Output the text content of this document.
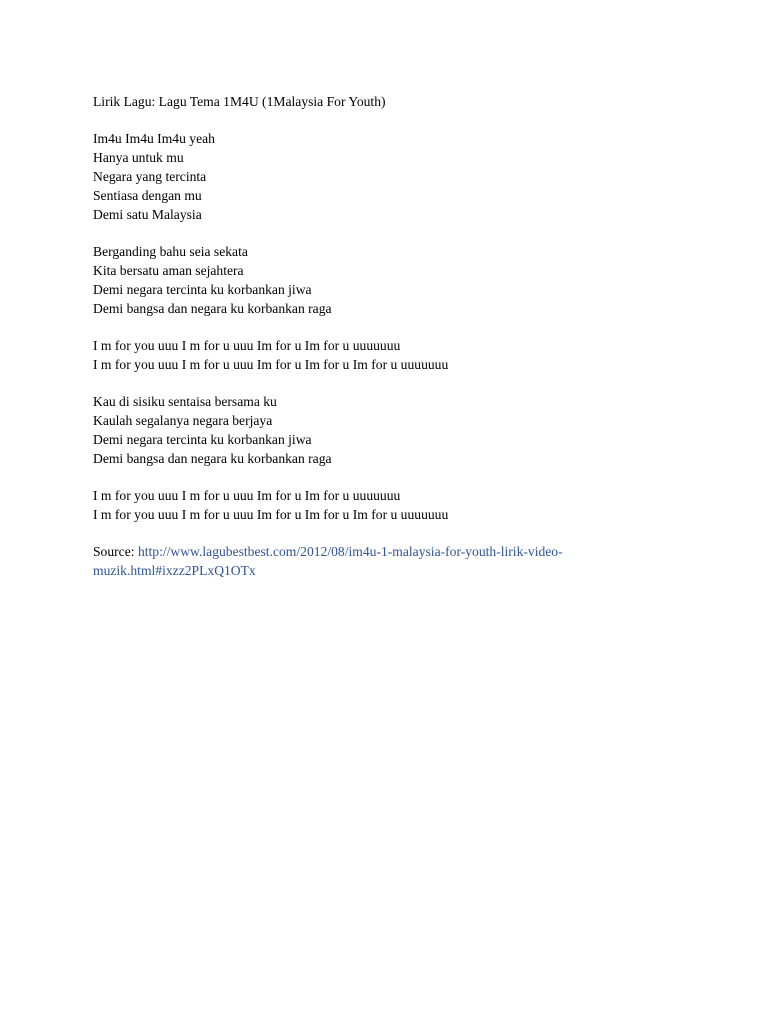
Lirik Lagu: Lagu Tema 1M4U (1Malaysia For Youth)

Im4u Im4u Im4u yeah
Hanya untuk mu
Negara yang tercinta
Sentiasa dengan mu
Demi satu Malaysia
Berganding bahu seia sekata
Kita bersatu aman sejahtera
Demi negara tercinta ku korbankan jiwa
Demi bangsa dan negara ku korbankan raga
I m for you uuu I m for u uuu Im for u Im for u uuuuuuu
I m for you uuu I m for u uuu Im for u Im for u Im for u uuuuuuu
Kau di sisiku sentaisa bersama ku
Kaulah segalanya negara berjaya
Demi negara tercinta ku korbankan jiwa
Demi bangsa dan negara ku korbankan raga
I m for you uuu I m for u uuu Im for u Im for u uuuuuuu
I m for you uuu I m for u uuu Im for u Im for u Im for u uuuuuuu

Source: http://www.lagubestbest.com/2012/08/im4u-1-malaysia-for-youth-lirik-video-
muzik.html#ixzz2PLxQ1OTx
